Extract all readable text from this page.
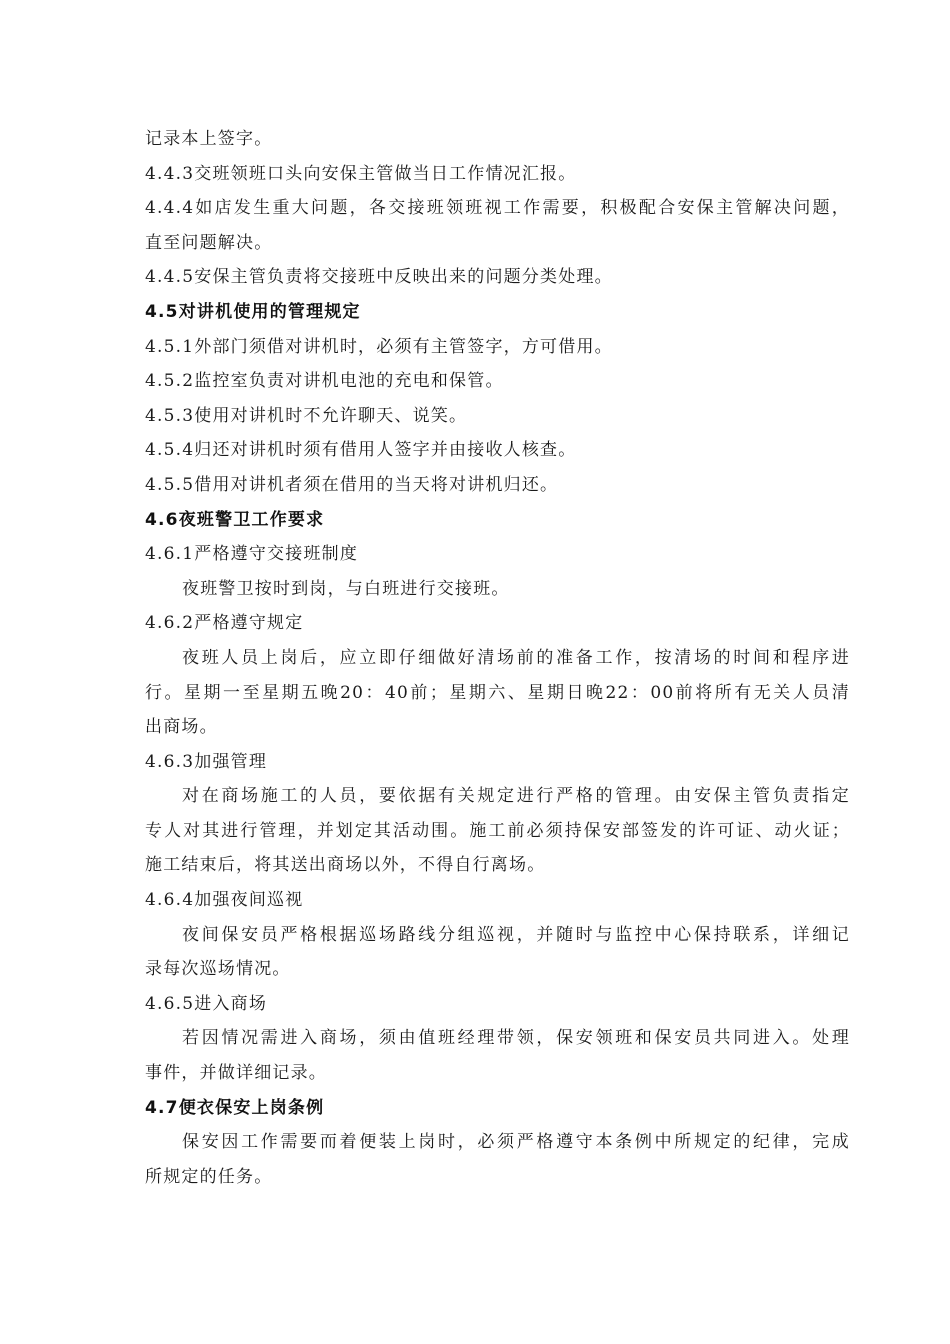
记录本上签字。
4.4.3交班领班口头向安保主管做当日工作情况汇报。
4.4.4如店发生重大问题，各交接班领班视工作需要，积极配合安保主管解决问题，
直至问题解决。
4.4.5安保主管负责将交接班中反映出来的问题分类处理。
4.5对讲机使用的管理规定
4.5.1外部门须借对讲机时，必须有主管签字，方可借用。
4.5.2监控室负责对讲机电池的充电和保管。
4.5.3使用对讲机时不允许聊天、说笑。
4.5.4归还对讲机时须有借用人签字并由接收人核查。
4.5.5借用对讲机者须在借用的当天将对讲机归还。
4.6夜班警卫工作要求
4.6.1严格遵守交接班制度
夜班警卫按时到岗，与白班进行交接班。
4.6.2严格遵守规定
夜班人员上岗后，应立即仔细做好清场前的准备工作，按清场的时间和程序进
行。星期一至星期五晚20：40前；星期六、星期日晚22：00前将所有无关人员清
出商场。
4.6.3加强管理
对在商场施工的人员，要依据有关规定进行严格的管理。由安保主管负责指定
专人对其进行管理，并划定其活动围。施工前必须持保安部签发的许可证、动火证；
施工结束后，将其送出商场以外，不得自行离场。
4.6.4加强夜间巡视
夜间保安员严格根据巡场路线分组巡视，并随时与监控中心保持联系，详细记
录每次巡场情况。
4.6.5进入商场
若因情况需进入商场，须由值班经理带领，保安领班和保安员共同进入。处理
事件，并做详细记录。
4.7便衣保安上岗条例
保安因工作需要而着便装上岗时，必须严格遵守本条例中所规定的纪律，完成
所规定的任务。
